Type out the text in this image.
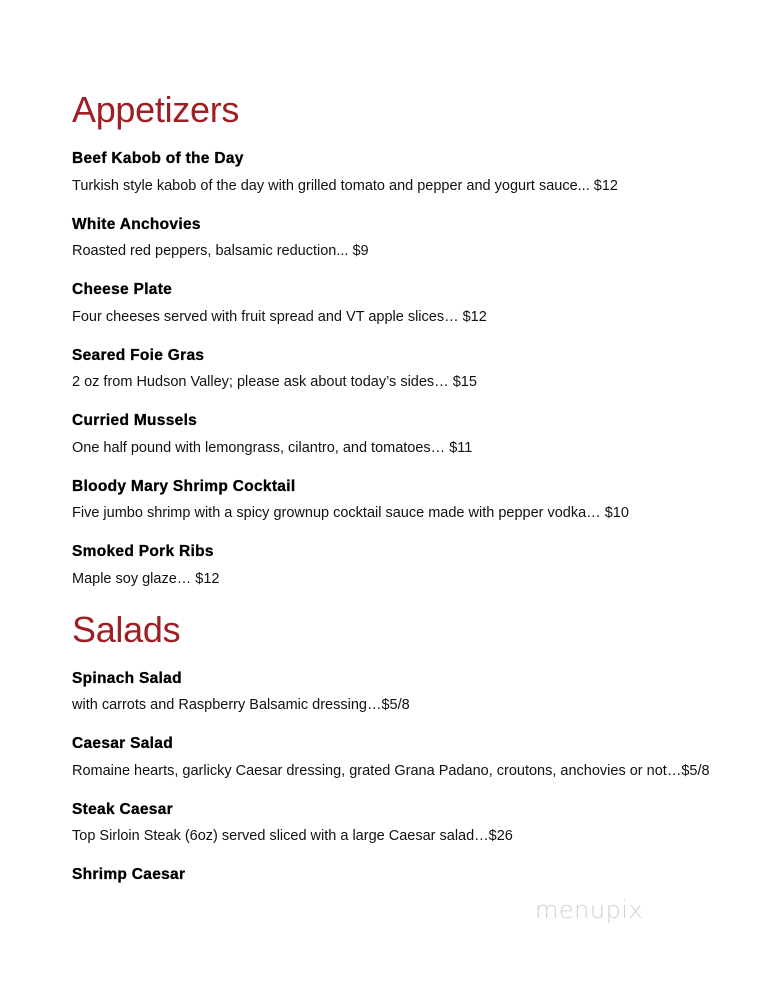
Appetizers
Beef Kabob of the Day
Turkish style kabob of the day with grilled tomato and pepper and yogurt sauce... $12
White Anchovies
Roasted red peppers, balsamic reduction... $9
Cheese Plate
Four cheeses served with fruit spread and VT apple slices… $12
Seared Foie Gras
2 oz from Hudson Valley; please ask about today’s sides… $15
Curried Mussels
One half pound with lemongrass, cilantro, and tomatoes… $11
Bloody Mary Shrimp Cocktail
Five jumbo shrimp with a spicy grownup cocktail sauce made with pepper vodka… $10
Smoked Pork Ribs
Maple soy glaze… $12
Salads
Spinach Salad
with carrots and Raspberry Balsamic dressing…$5/8
Caesar Salad
Romaine hearts, garlicky Caesar dressing, grated Grana Padano, croutons, anchovies or not…$5/8
Steak Caesar
Top Sirloin Steak (6oz) served sliced with a large Caesar salad…$26
Shrimp Caesar
menupix
